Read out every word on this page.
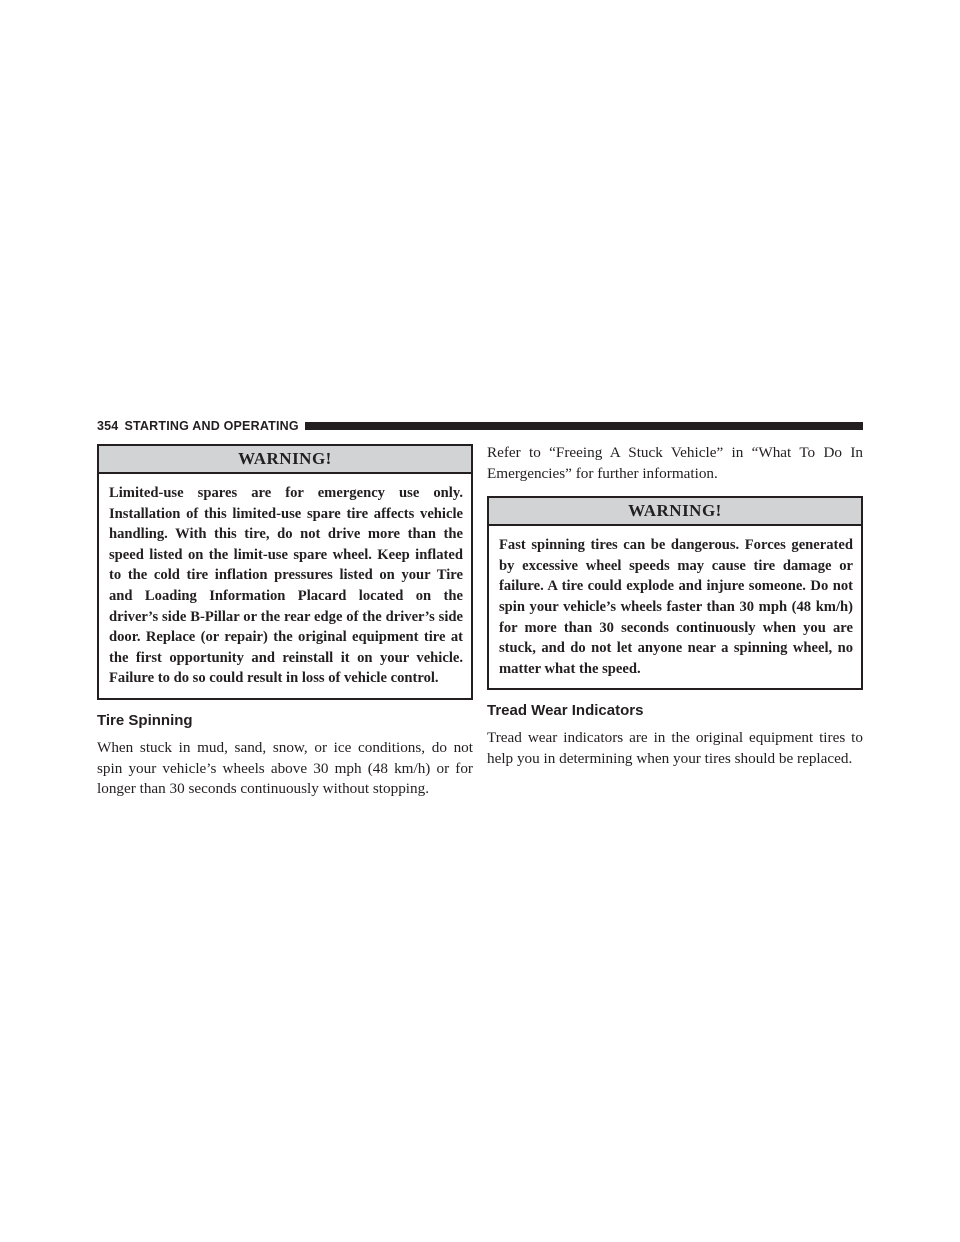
354 STARTING AND OPERATING
WARNING!
Limited-use spares are for emergency use only. Installation of this limited-use spare tire affects vehicle handling. With this tire, do not drive more than the speed listed on the limit-use spare wheel. Keep inflated to the cold tire inflation pressures listed on your Tire and Loading Information Placard located on the driver’s side B-Pillar or the rear edge of the driver’s side door. Replace (or repair) the original equipment tire at the first opportunity and reinstall it on your vehicle. Failure to do so could result in loss of vehicle control.
Tire Spinning

When stuck in mud, sand, snow, or ice conditions, do not spin your vehicle’s wheels above 30 mph (48 km/h) or for longer than 30 seconds continuously without stopping.

Refer to “Freeing A Stuck Vehicle” in “What To Do In Emergencies” for further information.

WARNING!
Fast spinning tires can be dangerous. Forces generated by excessive wheel speeds may cause tire damage or failure. A tire could explode and injure someone. Do not spin your vehicle’s wheels faster than 30 mph (48 km/h) for more than 30 seconds continuously when you are stuck, and do not let anyone near a spinning wheel, no matter what the speed.
Tread Wear Indicators

Tread wear indicators are in the original equipment tires to help you in determining when your tires should be replaced.
